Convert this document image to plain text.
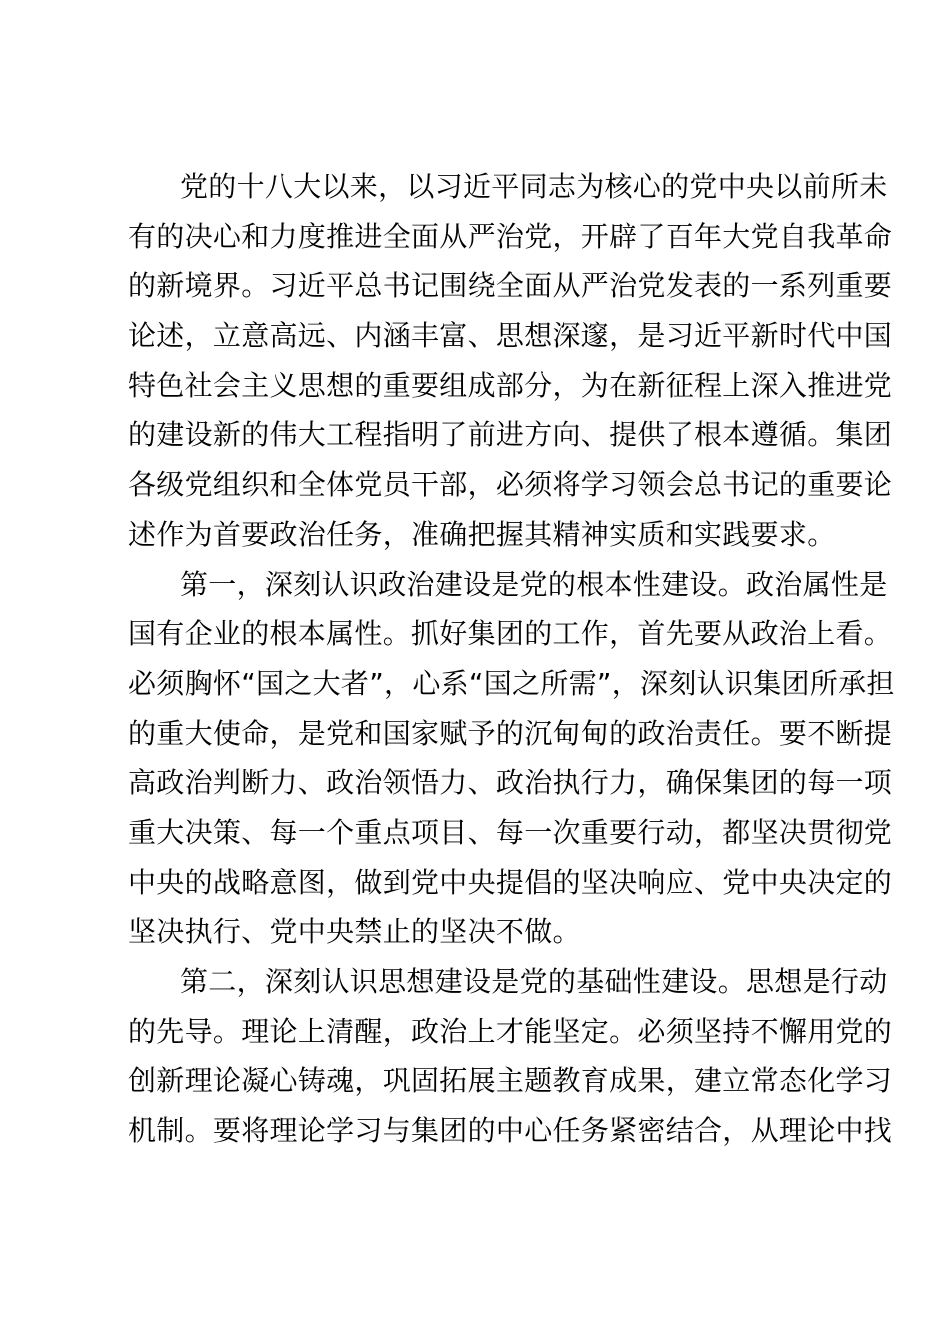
党的十八大以来，以习近平同志为核心的党中央以前所未
有的决心和力度推进全面从严治党，开辟了百年大党自我革命
的新境界。习近平总书记围绕全面从严治党发表的一系列重要
论述，立意高远、内涵丰富、思想深邃，是习近平新时代中国
特色社会主义思想的重要组成部分，为在新征程上深入推进党
的建设新的伟大工程指明了前进方向、提供了根本遵循。集团
各级党组织和全体党员干部，必须将学习领会总书记的重要论
述作为首要政治任务，准确把握其精神实质和实践要求。

第一，深刻认识政治建设是党的根本性建设。政治属性是
国有企业的根本属性。抓好集团的工作，首先要从政治上看。
必须胸怀“国之大者”，心系“国之所需”，深刻认识集团所承担
的重大使命，是党和国家赋予的沉甸甸的政治责任。要不断提
高政治判断力、政治领悟力、政治执行力，确保集团的每一项
重大决策、每一个重点项目、每一次重要行动，都坚决贯彻党
中央的战略意图，做到党中央提倡的坚决响应、党中央决定的
坚决执行、党中央禁止的坚决不做。

第二，深刻认识思想建设是党的基础性建设。思想是行动
的先导。理论上清醒，政治上才能坚定。必须坚持不懈用党的
创新理论凝心铸魂，巩固拓展主题教育成果，建立常态化学习
机制。要将理论学习与集团的中心任务紧密结合，从理论中找
